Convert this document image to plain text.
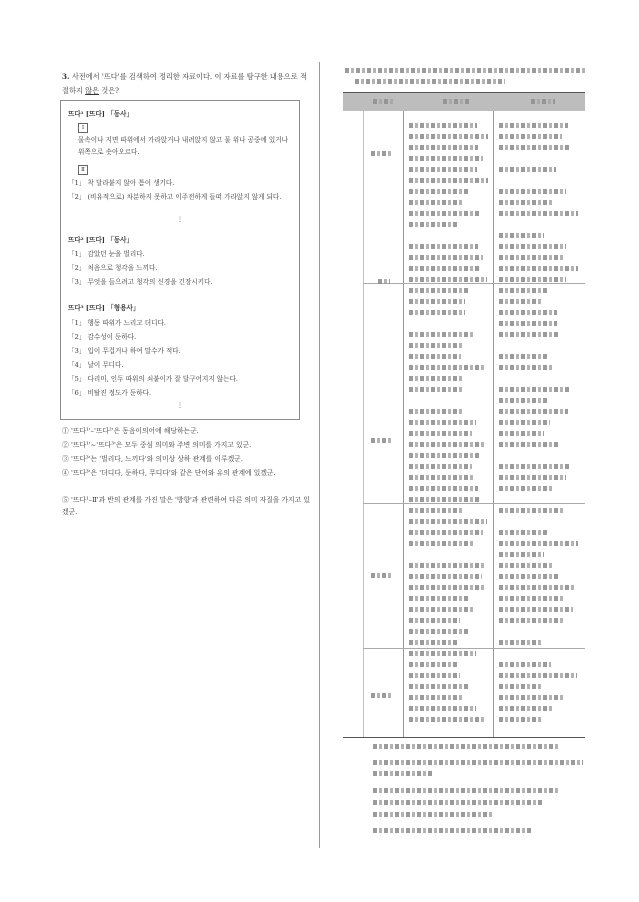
3. 사전에서 '뜨다'를 검색하여 정리한 자료이다. 이 자료를 탐구한 내용으로 적절하지 않은 것은?
뜨다¹ [뜨다] 「동사」
Ⅰ
물속이나 지면 따위에서 가라앉거나 내려앉지 않고 물 위나 공중에 있거나 위쪽으로 솟아오르다.
Ⅱ
「1」 착 달라붙지 않아 틈이 생기다.
「2」 (비유적으로) 차분하지 못하고 이주전하게 들떠 가라앉지 않게 되다.
⋮
뜨다² [뜨다] 「동사」
「1」 감았던 눈을 벌리다.
「2」 처음으로 청각을 느끼다.
「3」 무엇을 들으려고 청각의 신경을 긴장시키다.
뜨다³ [뜨다] 「형용사」
「1」 행동 따위가 느리고 더디다.
「2」 감수성이 둔하다.
「3」 입이 무겁거나 하여 말수가 적다.
「4」 날이 무디다.
「5」 다리미, 인두 따위의 쇠붙이가 잘 달구어지지 않는다.
「6」 비탈진 정도가 둔하다.
⋮
① '뜨다¹'–'뜨다²'은 동음이의어에 해당하는군.
② '뜨다¹'~'뜨다³'은 모두 중심 의미와 주변 의미를 가지고 있군.
③ '뜨다³'는 '벌리다, 느끼다'와 의미상 상하 관계를 이루겠군.
④ '뜨다³'은 '더디다, 둔하다, 무디다'와 같은 단어와 유의 관계에 있겠군.
⑤ '뜨다¹–Ⅱ'과 반의 관계를 가진 말은 '방향'과 관련하여 다른 의미 자질을 가지고 있겠군.
